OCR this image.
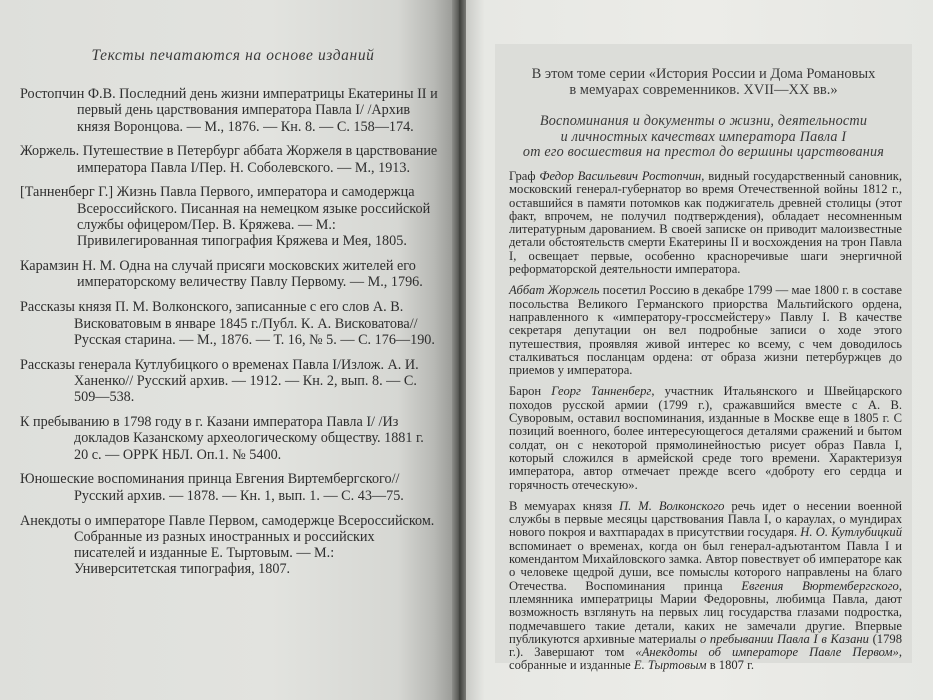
Тексты печатаются на основе изданий
Ростопчин Ф.В. Последний день жизни императрицы Екатерины II и первый день царствования императора Павла I/ /Архив князя Воронцова. — М., 1876. — Кн. 8. — С. 158—174.
Жоржель. Путешествие в Петербург аббата Жоржеля в царствование императора Павла I/Пер. Н. Соболевского. — М., 1913.
[Танненберг Г.] Жизнь Павла Первого, императора и самодержца Всероссийского. Писанная на немецком языке российской службы офицером/Пер. В. Кряжева. — М.: Привилегированная типография Кряжева и Мея, 1805.
Карамзин Н. М. Одна на случай присяги московских жителей его императорскому величеству Павлу Первому. — М., 1796.
Рассказы князя П. М. Волконского, записанные с его слов А. В. Висковатовым в январе 1845 г./Публ. К. А. Висковатова// Русская старина. — М., 1876. — Т. 16, № 5. — С. 176—190.
Рассказы генерала Кутлубицкого о временах Павла I/Излож. А. И. Ханенко// Русский архив. — 1912. — Кн. 2, вып. 8. — С. 509—538.
К пребыванию в 1798 году в г. Казани императора Павла I/ /Из докладов Казанскому археологическому обществу. 1881 г. 20 с. — ОРРК НБЛ. Оп.1. № 5400.
Юношеские воспоминания принца Евгения Виртембергского// Русский архив. — 1878. — Кн. 1, вып. 1. — С. 43—75.
Анекдоты о императоре Павле Первом, самодержце Всероссийском. Собранные из разных иностранных и российских писателей и изданные Е. Тыртовым. — М.: Университетская типография, 1807.

В этом томе серии «История России и Дома Романовых
в мемуарах современников. XVII—XX вв.»
Воспоминания и документы о жизни, деятельности
и личностных качествах императора Павла I
от его восшествия на престол до вершины царствования

Граф Федор Васильевич Ростопчин, видный государственный сановник, московский генерал-губернатор во время Отечественной войны 1812 г., оставшийся в памяти потомков как поджигатель древней столицы (этот факт, впрочем, не получил подтверждения), обладает несомненным литературным дарованием. В своей записке он приводит малоизвестные детали обстоятельств смерти Екатерины II и восхождения на трон Павла I, освещает первые, особенно красноречивые шаги энергичной реформаторской деятельности императора.

Аббат Жоржель посетил Россию в декабре 1799 — мае 1800 г. в составе посольства Великого Германского приорства Мальтийского ордена, направленного к «императору-гроссмейстеру» Павлу I. В качестве секретаря депутации он вел подробные записи о ходе этого путешествия, проявляя живой интерес ко всему, с чем доводилось сталкиваться посланцам ордена: от образа жизни петербуржцев до приемов у императора.

Барон Георг Танненберг, участник Итальянского и Швейцарского походов русской армии (1799 г.), сражавшийся вместе с А. В. Суворовым, оставил воспоминания, изданные в Москве еще в 1805 г. С позиций военного, более интересующегося деталями сражений и бытом солдат, он с некоторой прямолинейностью рисует образ Павла I, который сложился в армейской среде того времени. Характеризуя императора, автор отмечает прежде всего «доброту его сердца и горячность отеческую».

В мемуарах князя П. М. Волконского речь идет о несении военной службы в первые месяцы царствования Павла I, о караулах, о мундирах нового покроя и вахтпарадах в присутствии государя. Н. О. Кутлубицкий вспоминает о временах, когда он был генерал-адъютантом Павла I и комендантом Михайловского замка. Автор повествует об императоре как о человеке щедрой души, все помыслы которого направлены на благо Отечества. Воспоминания принца Евгения Вюртембергского, племянника императрицы Марии Федоровны, любимца Павла, дают возможность взглянуть на первых лиц государства глазами подростка, подмечавшего такие детали, каких не замечали другие. Впервые публикуются архивные материалы о пребывании Павла I в Казани (1798 г.). Завершают том «Анекдоты об императоре Павле Первом», собранные и изданные Е. Тыртовым в 1807 г.
